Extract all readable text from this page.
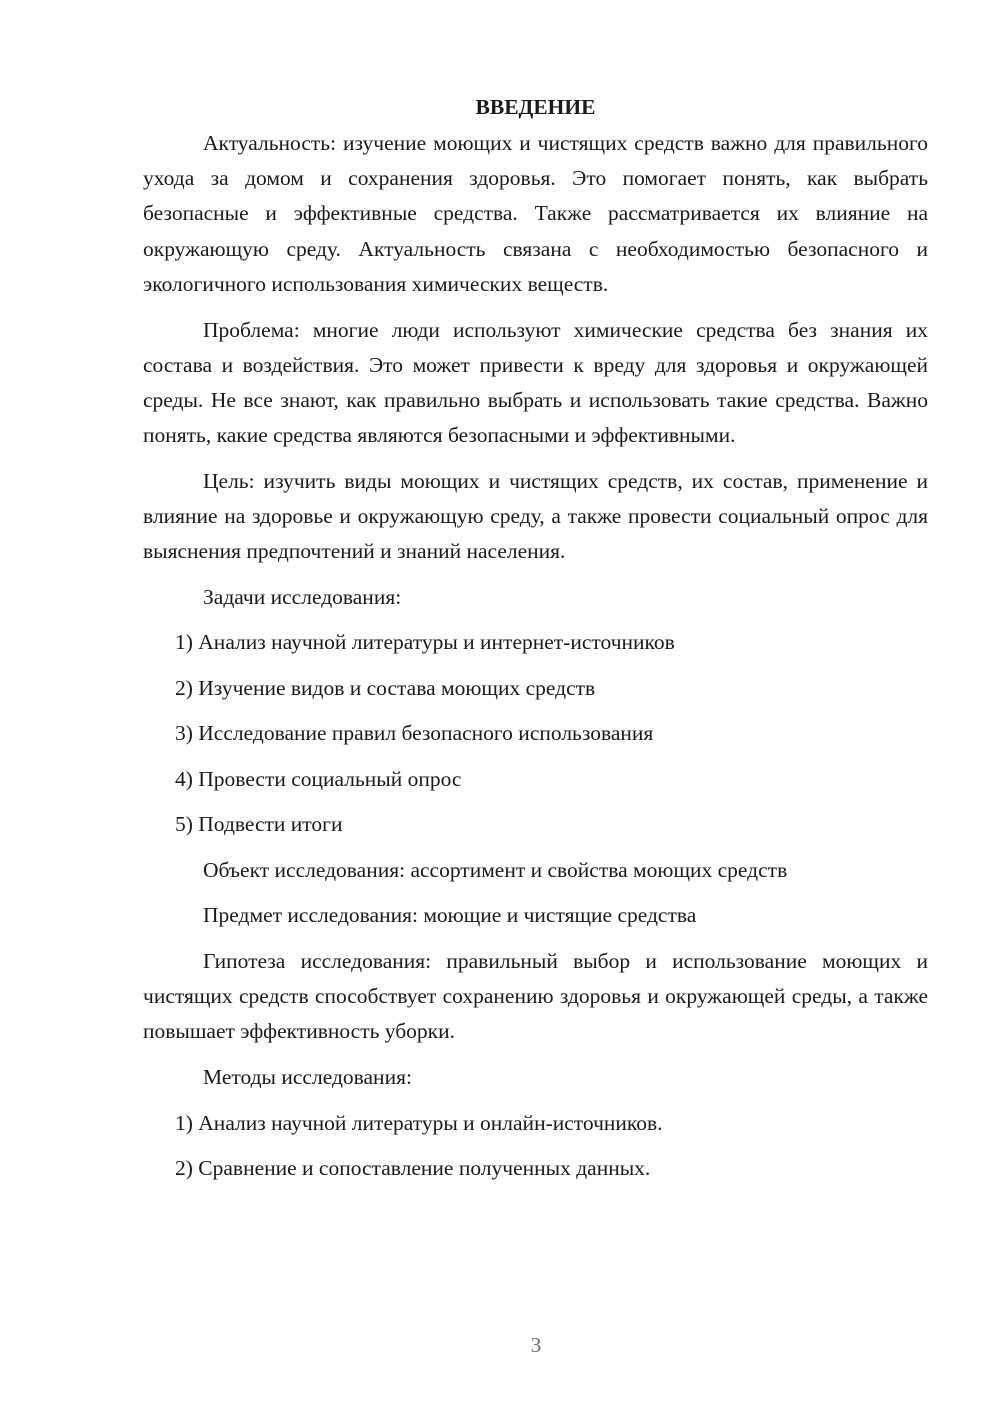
ВВЕДЕНИЕ

Актуальность: изучение моющих и чистящих средств важно для правильного ухода за домом и сохранения здоровья. Это помогает понять, как выбрать безопасные и эффективные средства. Также рассматривается их влияние на окружающую среду. Актуальность связана с необходимостью безопасного и экологичного использования химических веществ.

Проблема: многие люди используют химические средства без знания их состава и воздействия. Это может привести к вреду для здоровья и окружающей среды. Не все знают, как правильно выбрать и использовать такие средства. Важно понять, какие средства являются безопасными и эффективными.

Цель: изучить виды моющих и чистящих средств, их состав, применение и влияние на здоровье и окружающую среду, а также провести социальный опрос для выяснения предпочтений и знаний населения.

Задачи исследования:

1) Анализ научной литературы и интернет-источников

2) Изучение видов и состава моющих средств

3) Исследование правил безопасного использования

4) Провести социальный опрос

5) Подвести итоги

Объект исследования: ассортимент и свойства моющих средств

Предмет исследования: моющие и чистящие средства

Гипотеза исследования: правильный выбор и использование моющих и чистящих средств способствует сохранению здоровья и окружающей среды, а также повышает эффективность уборки.

Методы исследования:

1) Анализ научной литературы и онлайн-источников.

2) Сравнение и сопоставление полученных данных.

3
